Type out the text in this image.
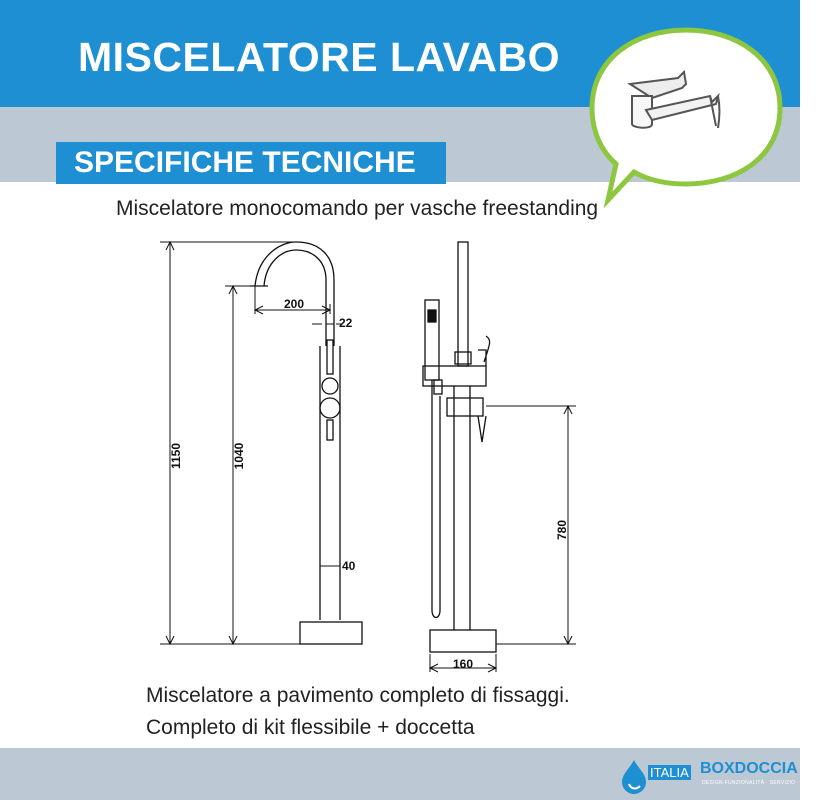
MISCELATORE LAVABO
SPECIFICHE TECNICHE
Miscelatore monocomando per vasche freestanding
1150	1040
200
22
40
780
160
Miscelatore a pavimento completo di fissaggi.
Completo di kit flessibile + doccetta
ITALIA BOXDOCCIA
DESIGN FUNZIONALITÀ · SERVIZIO · PRATICITÀ
